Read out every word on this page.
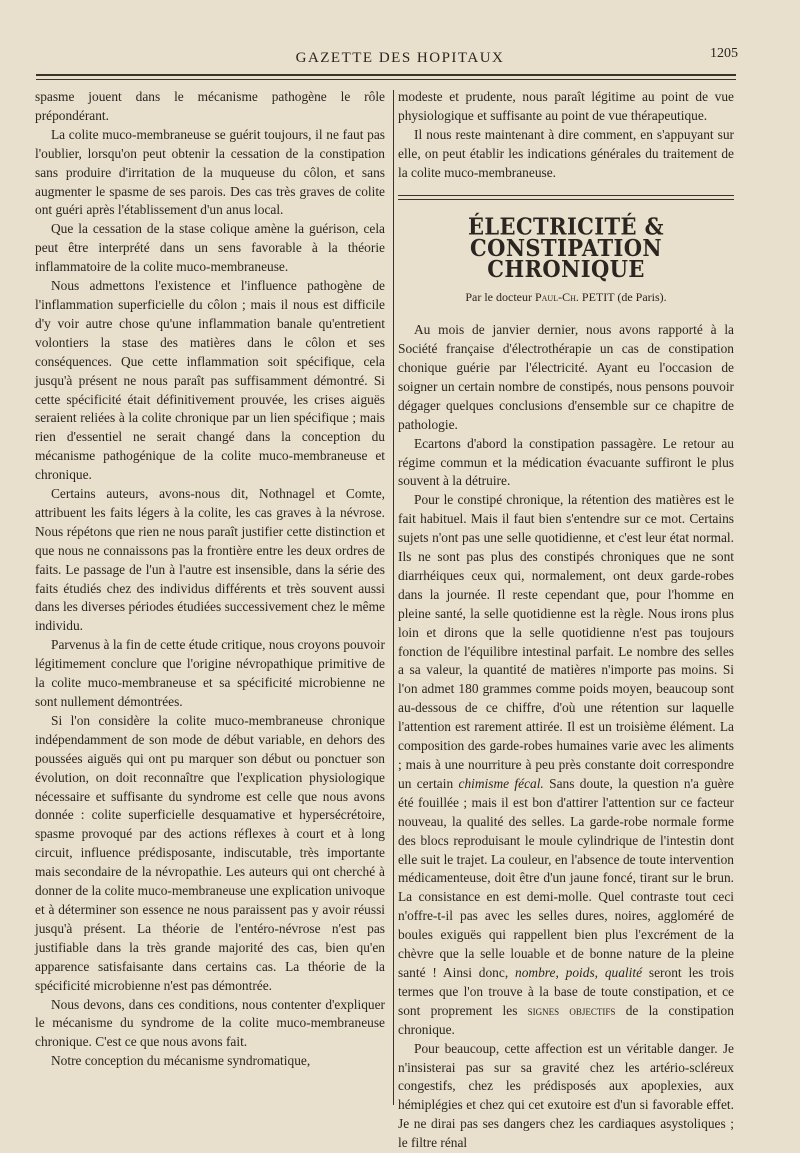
GAZETTE DES HOPITAUX	1205

spasme jouent dans le mécanisme pathogène le rôle prépondérant.

La colite muco-membraneuse se guérit toujours, il ne faut pas l'oublier, lorsqu'on peut obtenir la cessation de la constipation sans produire d'irritation de la muqueuse du côlon, et sans augmenter le spasme de ses parois. Des cas très graves de colite ont guéri après l'établissement d'un anus local.

Que la cessation de la stase colique amène la guérison, cela peut être interprété dans un sens favorable à la théorie inflammatoire de la colite muco-membraneuse.

Nous admettons l'existence et l'influence pathogène de l'inflammation superficielle du côlon ; mais il nous est difficile d'y voir autre chose qu'une inflammation banale qu'entretient volontiers la stase des matières dans le côlon et ses conséquences. Que cette inflammation soit spécifique, cela jusqu'à présent ne nous paraît pas suffisamment démontré. Si cette spécificité était définitivement prouvée, les crises aiguës seraient reliées à la colite chronique par un lien spécifique ; mais rien d'essentiel ne serait changé dans la conception du mécanisme pathogénique de la colite muco-membraneuse et chronique.

Certains auteurs, avons-nous dit, Nothnagel et Comte, attribuent les faits légers à la colite, les cas graves à la névrose. Nous répétons que rien ne nous paraît justifier cette distinction et que nous ne connaissons pas la frontière entre les deux ordres de faits. Le passage de l'un à l'autre est insensible, dans la série des faits étudiés chez des individus différents et très souvent aussi dans les diverses périodes étudiées successivement chez le même individu.

Parvenus à la fin de cette étude critique, nous croyons pouvoir légitimement conclure que l'origine névropathique primitive de la colite muco-membraneuse et sa spécificité microbienne ne sont nullement démontrées.

Si l'on considère la colite muco-membraneuse chronique indépendamment de son mode de début variable, en dehors des poussées aiguës qui ont pu marquer son début ou ponctuer son évolution, on doit reconnaître que l'explication physiologique nécessaire et suffisante du syndrome est celle que nous avons donnée : colite superficielle desquamative et hypersécrétoire, spasme provoqué par des actions réflexes à court et à long circuit, influence prédisposante, indiscutable, très importante mais secondaire de la névropathie. Les auteurs qui ont cherché à donner de la colite muco-membraneuse une explication univoque et à déterminer son essence ne nous paraissent pas y avoir réussi jusqu'à présent. La théorie de l'entéro-névrose n'est pas justifiable dans la très grande majorité des cas, bien qu'en apparence satisfaisante dans certains cas. La théorie de la spécificité microbienne n'est pas démontrée.

Nous devons, dans ces conditions, nous contenter d'expliquer le mécanisme du syndrome de la colite muco-membraneuse chronique. C'est ce que nous avons fait.

Notre conception du mécanisme syndromatique,

modeste et prudente, nous paraît légitime au point de vue physiologique et suffisante au point de vue thérapeutique.

Il nous reste maintenant à dire comment, en s'appuyant sur elle, on peut établir les indications générales du traitement de la colite muco-membraneuse.

ÉLECTRICITÉ & CONSTIPATION CHRONIQUE
Par le docteur Paul-Ch. PETIT (de Paris).

Au mois de janvier dernier, nous avons rapporté à la Société française d'électrothérapie un cas de constipation chonique guérie par l'électricité. Ayant eu l'occasion de soigner un certain nombre de constipés, nous pensons pouvoir dégager quelques conclusions d'ensemble sur ce chapitre de pathologie.

Ecartons d'abord la constipation passagère. Le retour au régime commun et la médication évacuante suffiront le plus souvent à la détruire.

Pour le constipé chronique, la rétention des matières est le fait habituel. Mais il faut bien s'entendre sur ce mot. Certains sujets n'ont pas une selle quotidienne, et c'est leur état normal. Ils ne sont pas plus des constipés chroniques que ne sont diarrhéiques ceux qui, normalement, ont deux garde-robes dans la journée. Il reste cependant que, pour l'homme en pleine santé, la selle quotidienne est la règle. Nous irons plus loin et dirons que la selle quotidienne n'est pas toujours fonction de l'équilibre intestinal parfait. Le nombre des selles a sa valeur, la quantité de matières n'importe pas moins. Si l'on admet 180 grammes comme poids moyen, beaucoup sont au-dessous de ce chiffre, d'où une rétention sur laquelle l'attention est rarement attirée. Il est un troisième élément. La composition des garde-robes humaines varie avec les aliments ; mais à une nourriture à peu près constante doit correspondre un certain chimisme fécal. Sans doute, la question n'a guère été fouillée ; mais il est bon d'attirer l'attention sur ce facteur nouveau, la qualité des selles. La garde-robe normale forme des blocs reproduisant le moule cylindrique de l'intestin dont elle suit le trajet. La couleur, en l'absence de toute intervention médicamenteuse, doit être d'un jaune foncé, tirant sur le brun. La consistance en est demi-molle. Quel contraste tout ceci n'offre-t-il pas avec les selles dures, noires, aggloméré de boules exiguës qui rappellent bien plus l'excrément de la chèvre que la selle louable et de bonne nature de la pleine santé ! Ainsi donc, nombre, poids, qualité seront les trois termes que l'on trouve à la base de toute constipation, et ce sont proprement les signes objectifs de la constipation chronique.

Pour beaucoup, cette affection est un véritable danger. Je n'insisterai pas sur sa gravité chez les artério-scléreux congestifs, chez les prédisposés aux apoplexies, aux hémiplégies et chez qui cet exutoire est d'un si favorable effet. Je ne dirai pas ses dangers chez les cardiaques asystoliques ; le filtre rénal
